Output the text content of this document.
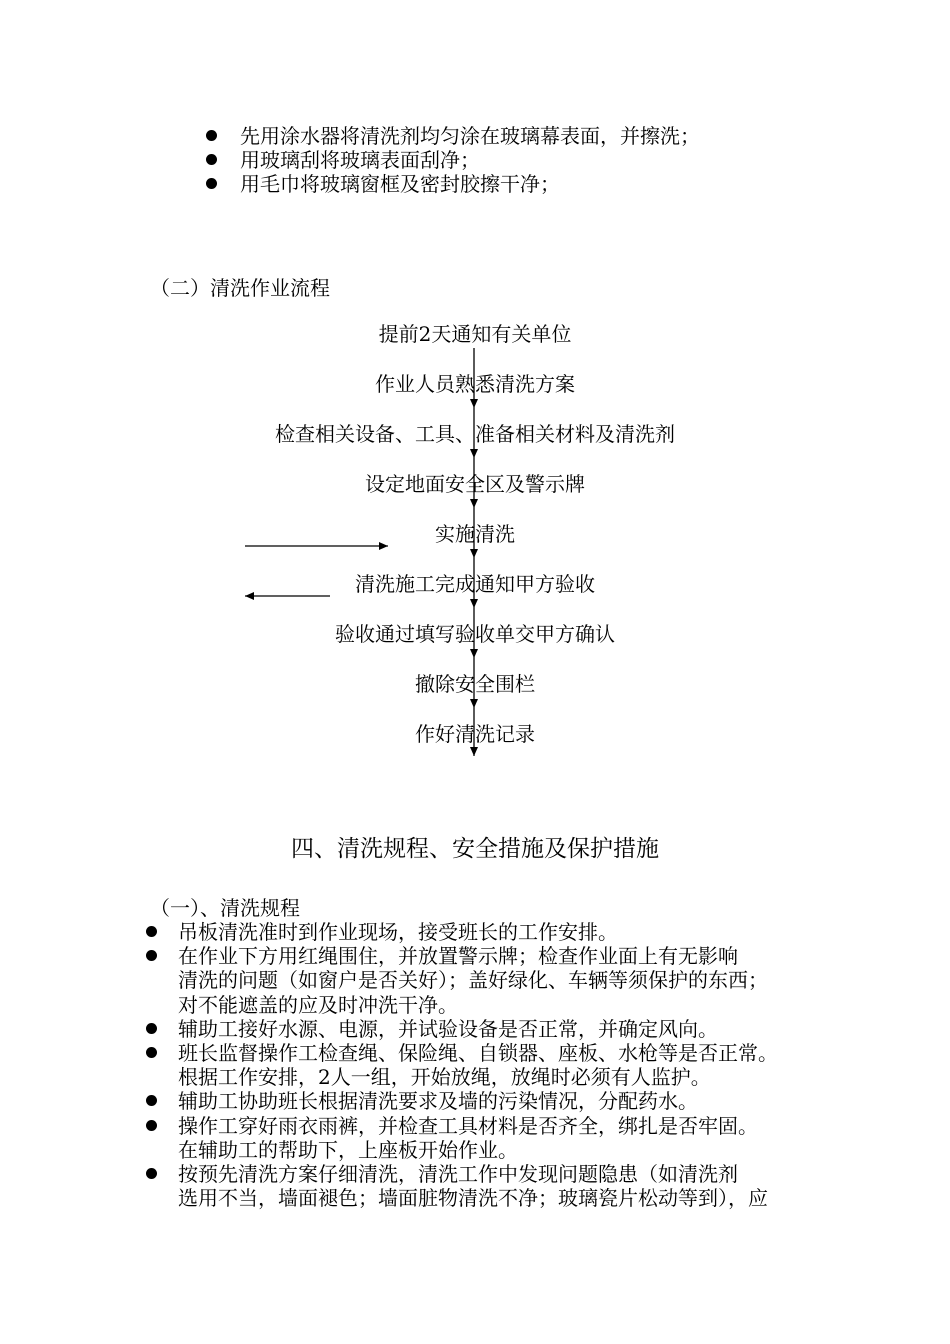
先用涂水器将清洗剂均匀涂在玻璃幕表面，并擦洗；
用玻璃刮将玻璃表面刮净；
用毛巾将玻璃窗框及密封胶擦干净；
（二）清洗作业流程
提前2天通知有关单位
作业人员熟悉清洗方案
检查相关设备、工具、准备相关材料及清洗剂
设定地面安全区及警示牌
实施清洗
清洗施工完成通知甲方验收
验收通过填写验收单交甲方确认
撤除安全围栏
作好清洗记录
四、清洗规程、安全措施及保护措施
（一）、清洗规程
吊板清洗准时到作业现场，接受班长的工作安排。
在作业下方用红绳围住，并放置警示牌；检查作业面上有无影响
清洗的问题（如窗户是否关好）；盖好绿化、车辆等须保护的东西；
对不能遮盖的应及时冲洗干净。
辅助工接好水源、电源，并试验设备是否正常，并确定风向。
班长监督操作工检查绳、保险绳、自锁器、座板、水枪等是否正常。
根据工作安排，2人一组，开始放绳，放绳时必须有人监护。
辅助工协助班长根据清洗要求及墙的污染情况，分配药水。
操作工穿好雨衣雨裤，并检查工具材料是否齐全，绑扎是否牢固。
在辅助工的帮助下，上座板开始作业。
按预先清洗方案仔细清洗，清洗工作中发现问题隐患（如清洗剂
选用不当，墙面褪色；墙面脏物清洗不净；玻璃瓷片松动等到），应
